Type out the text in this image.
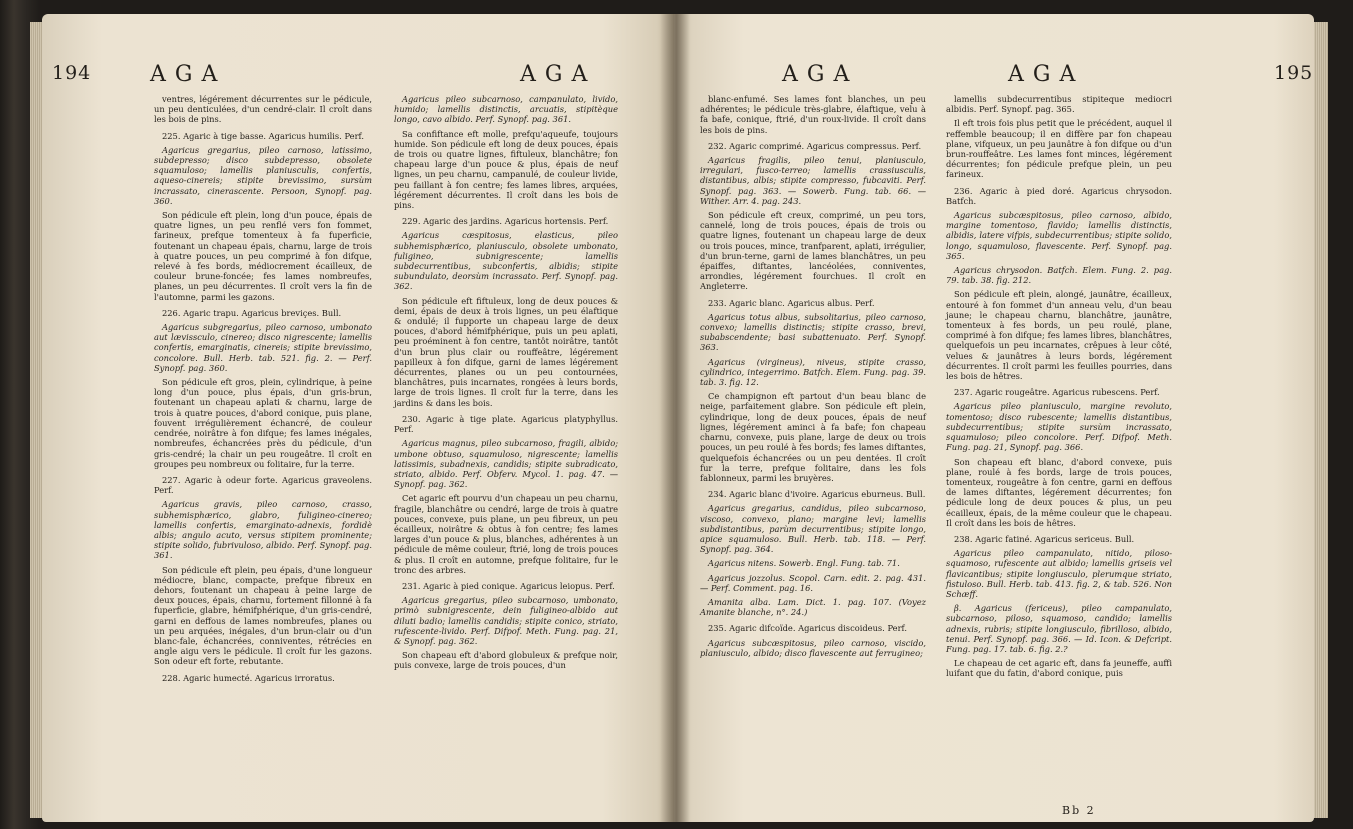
194	AGA	AGA

ventres, légérement décurrentes sur le pédicule, un peu denticulées, d'un cendré-clair. Il croît dans les bois de pins.

225. Agaric à tige basse. Agaricus humilis. Perf.

Agaricus gregarius, pileo carnoso, latissimo, subdepresso; disco subdepresso, obsolete squamuloso; lamellis planiusculis, confertis, aqueso-cinereis; stipite brevissimo, sursùm incrassato, cinerascente. Persoon, Synopf. pag. 360.

Son pédicule eft plein, long d'un pouce, épais de quatre lignes, un peu renflé vers fon fommet, farineux, prefque tomenteux à fa fuperficie, foutenant un chapeau épais, charnu, large de trois à quatre pouces, un peu comprimé à fon difque, relevé à fes bords, médiocrement écailleux, de couleur brune-foncée; fes lames nombreufes, planes, un peu décurrentes. Il croît vers la fin de l'automne, parmi les gazons.

226. Agaric trapu. Agaricus breviçes. Bull.

Agaricus subgregarius, pileo carnoso, umbonato aut lævissculo, cinereo; disco nigrescente; lamellis confertis, emarginatis, cinereis; stipite brevissimo, concolore. Bull. Herb. tab. 521. fig. 2. — Perf. Synopf. pag. 360.

Son pédicule eft gros, plein, cylindrique, à peine long d'un pouce, plus épais, d'un gris-brun, foutenant un chapeau aplati & charnu, large de trois à quatre pouces, d'abord conique, puis plane, fouvent irrégulièrement échancré, de couleur cendrée, noirâtre à fon difque; fes lames inégales, nombreufes, échancrées près du pédicule, d'un gris-cendré; la chair un peu rougeâtre. Il croît en groupes peu nombreux ou folitaire, fur la terre.

227. Agaric à odeur forte. Agaricus graveolens. Perf.

Agaricus gravis, pileo carnoso, crasso, subhemisphærico, glabro, fuligineo-cinereo; lamellis confertis, emarginato-adnexis, fordidè albis; angulo acuto, versus stipitem prominente; stipite solido, fubrivuloso, albido. Perf. Synopf. pag. 361.

Son pédicule eft plein, peu épais, d'une longueur médiocre, blanc, compacte, prefque fibreux en dehors, foutenant un chapeau à peine large de deux pouces, épais, charnu, fortement fillonné à fa fuperficie, glabre, hémifphérique, d'un gris-cendré, garni en deffous de lames nombreufes, planes ou un peu arquées, inégales, d'un brun-clair ou d'un blanc-fale, échancrées, conniventes, rétrécies en angle aigu vers le pédicule. Il croît fur les gazons. Son odeur eft forte, rebutante.

228. Agaric humecté. Agaricus irroratus.

Agaricus pileo subcarnoso, campanulato, livido, humido; lamellis distinctis, arcuatis, stipitèque longo, cavo albido. Perf. Synopf. pag. 361.

Sa confiftance eft molle, prefqu'aqueufe, toujours humide. Son pédicule eft long de deux pouces, épais de trois ou quatre lignes, fiftuleux, blanchâtre; fon chapeau large d'un pouce & plus, épais de neuf lignes, un peu charnu, campanulé, de couleur livide, peu faillant à fon centre; fes lames libres, arquées, légérement décurrentes. Il croît dans les bois de pins.

229. Agaric des jardins. Agaricus hortensis. Perf.

Agaricus cæspitosus, elasticus, pileo subhemisphærico, planiusculo, obsolete umbonato, fuligineo, subnigrescente; lamellis subdecurrentibus, subconfertis, albidis; stipite subundulato, deorsùm incrassato. Perf. Synopf. pag. 362.

Son pédicule eft fiftuleux, long de deux pouces & demi, épais de deux à trois lignes, un peu élaftique & ondulé; il fupporte un chapeau large de deux pouces, d'abord hémifphérique, puis un peu aplati, peu proéminent à fon centre, tantôt noirâtre, tantôt d'un brun plus clair ou rouffeâtre, légérement papilleux à fon difque, garni de lames légérement décurrentes, planes ou un peu contournées, blanchâtres, puis incarnates, rongées à leurs bords, large de trois lignes. Il croît fur la terre, dans les jardins & dans les bois.

230. Agaric à tige plate. Agaricus platyphyllus. Perf.

Agaricus magnus, pileo subcarnoso, fragili, albido; umbone obtuso, squamuloso, nigrescente; lamellis latissimis, subadnexis, candidis; stipite subradicato, striato, albido. Perf. Obferv. Mycol. 1. pag. 47. — Synopf. pag. 362.

Cet agaric eft pourvu d'un chapeau un peu charnu, fragile, blanchâtre ou cendré, large de trois à quatre pouces, convexe, puis plane, un peu fibreux, un peu écailleux, noirâtre & obtus à fon centre; fes lames larges d'un pouce & plus, blanches, adhérentes à un pédicule de même couleur, ftrié, long de trois pouces & plus. Il croît en automne, prefque folitaire, fur le tronc des arbres.

231. Agaric à pied conique. Agaricus leiopus. Perf.

Agaricus gregarius, pileo subcarnoso, umbonato, primò subnigrescente, dein fuligineo-albido aut diluti badio; lamellis candidis; stipite conico, striato, rufescente-livido. Perf. Difpof. Meth. Fung. pag. 21, & Synopf. pag. 362.

Son chapeau eft d'abord globuleux & prefque noir, puis convexe, large de trois pouces, d'un

AGA	AGA	195

blanc-enfumé. Ses lames font blanches, un peu adhérentes; le pédicule très-glabre, élaftique, velu à fa bafe, conique, ftrié, d'un roux-livide. Il croît dans les bois de pins.

232. Agaric comprimé. Agaricus compressus. Perf.

Agaricus fragilis, pileo tenui, planiusculo, irregulari, fusco-terreo; lamellis crassiusculis, distantibus, albis; stipite compresso, fubcaviti. Perf. Synopf. pag. 363. — Sowerb. Fung. tab. 66. — Wither. Arr. 4. pag. 243.

Son pédicule eft creux, comprimé, un peu tors, cannelé, long de trois pouces, épais de trois ou quatre lignes, foutenant un chapeau large de deux ou trois pouces, mince, tranfparent, aplati, irrégulier, d'un brun-terne, garni de lames blanchâtres, un peu épaiffes, diftantes, lancéolées, conniventes, arrondies, légérement fourchues. Il croît en Angleterre.

233. Agaric blanc. Agaricus albus. Perf.

Agaricus totus albus, subsolitarius, pileo carnoso, convexo; lamellis distinctis; stipite crasso, brevi, subabscendente; basi subattenuato. Perf. Synopf. 363.

Agaricus (virgineus), niveus, stipite crasso, cylindrico, integerrimo. Batfch. Elem. Fung. pag. 39. tab. 3. fig. 12.

Ce champignon eft partout d'un beau blanc de neige, parfaitement glabre. Son pédicule eft plein, cylindrique, long de deux pouces, épais de neuf lignes, légérement aminci à fa bafe; fon chapeau charnu, convexe, puis plane, large de deux ou trois pouces, un peu roulé à fes bords; fes lames diftantes, quelquefois échancrées ou un peu dentées. Il croît fur la terre, prefque folitaire, dans les fols fablonneux, parmi les bruyères.

234. Agaric blanc d'ivoire. Agaricus eburneus. Bull.

Agaricus gregarius, candidus, pileo subcarnoso, viscoso, convexo, plano; margine levi; lamellis subdistantibus, parùm decurrentibus; stipite longo, apice squamuloso. Bull. Herb. tab. 118. — Perf. Synopf. pag. 364.

Agaricus nitens. Sowerb. Engl. Fung. tab. 71.

Agaricus jozzolus. Scopol. Carn. edit. 2. pag. 431. — Perf. Comment. pag. 16.

Amanita alba. Lam. Dict. 1. pag. 107. (Voyez Amanite blanche, n°. 24.)

235. Agaric difcoïde. Agaricus discoideus. Perf.

Agaricus subcæspitosus, pileo carnoso, viscido, planiusculo, albido; disco flavescente aut ferrugineo;

lamellis subdecurrentibus stipiteque mediocri albidis. Perf. Synopf. pag. 365.

Il eft trois fois plus petit que le précédent, auquel il reffemble beaucoup; il en diffère par fon chapeau plane, vifqueux, un peu jaunâtre à fon difque ou d'un brun-rouffeâtre. Les lames font minces, légérement décurrentes; fon pédicule prefque plein, un peu farineux.

236. Agaric à pied doré. Agaricus chrysodon. Batfch.

Agaricus subcæspitosus, pileo carnoso, albido, margine tomentoso, flavido; lamellis distinctis, albidis, latere vifpis, subdecurrentibus; stipite solido, longo, squamuloso, flavescente. Perf. Synopf. pag. 365.

Agaricus chrysodon. Batfch. Elem. Fung. 2. pag. 79. tab. 38. fig. 212.

Son pédicule eft plein, alongé, jaunâtre, écailleux, entouré à fon fommet d'un anneau velu, d'un beau jaune; le chapeau charnu, blanchâtre, jaunâtre, tomenteux à fes bords, un peu roulé, plane, comprimé à fon difque; fes lames libres, blanchâtres, quelquefois un peu incarnates, crêpues à leur côté, velues & jaunâtres à leurs bords, légérement décurrentes. Il croît parmi les feuilles pourries, dans les bois de hêtres.

237. Agaric rougeâtre. Agaricus rubescens. Perf.

Agaricus pileo planiusculo, margine revoluto, tomentoso; disco rubescente; lamellis distantibus, subdecurrentibus; stipite sursùm incrassato, squamuloso; pileo concolore. Perf. Difpof. Meth. Fung. pag. 21, Synopf. pag. 366.

Son chapeau eft blanc, d'abord convexe, puis plane, roulé à fes bords, large de trois pouces, tomenteux, rougeâtre à fon centre, garni en deffous de lames diftantes, légérement décurrentes; fon pédicule long de deux pouces & plus, un peu écailleux, épais, de la même couleur que le chapeau. Il croît dans les bois de hêtres.

238. Agaric fatiné. Agaricus sericeus. Bull.

Agaricus pileo campanulato, nitido, piloso-squamoso, rufescente aut albido; lamellis griseis vel flavicantibus; stipite longiusculo, plerumque striato, fistuloso. Bull. Herb. tab. 413. fig. 2, & tab. 526. Non Schæff.

β. Agaricus (fericeus), pileo campanulato, subcarnoso, piloso, squamoso, candido; lamellis adnexis, rubris; stipite longiusculo, fibrilloso, albido, tenui. Perf. Synopf. pag. 366. — Id. Icon. & Defcript. Fung. pag. 17. tab. 6. fig. 2.?

Le chapeau de cet agaric eft, dans fa jeuneffe, auffi luifant que du fatin, d'abord conique, puis

Bb 2
